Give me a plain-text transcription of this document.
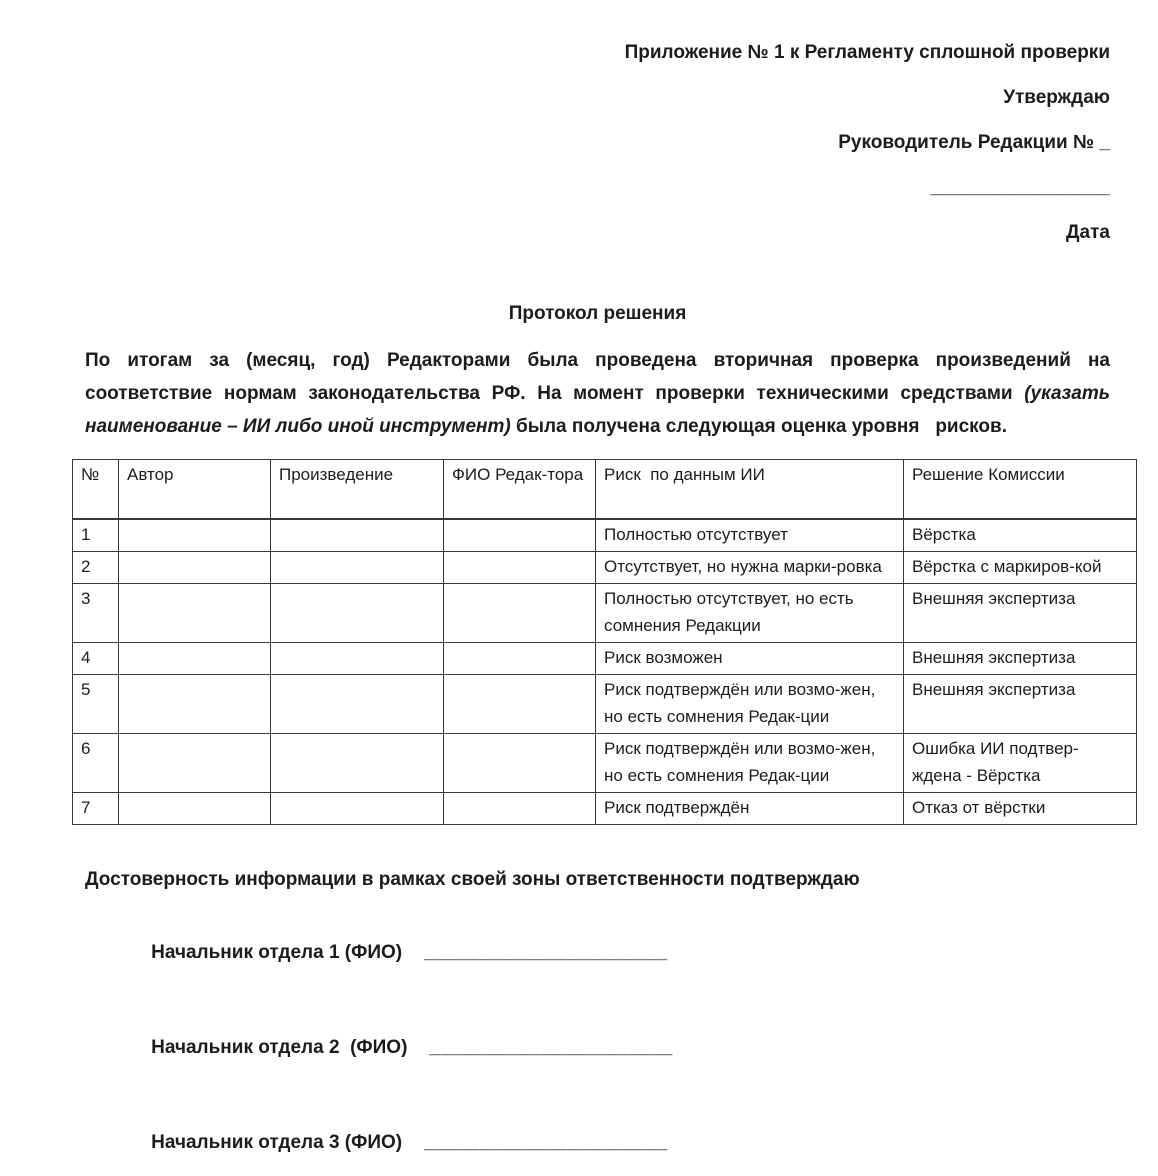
Приложение № 1 к Регламенту сплошной проверки
Утверждаю
Руководитель Редакции № _
_________________
Дата
Протокол решения
По итогам за (месяц, год) Редакторами была проведена вторичная проверка произведений на соответствие нормам законодательства РФ. На момент проверки техническими средствами (указать наименование – ИИ либо иной инструмент) была получена следующая оценка уровня   рисков.
№	Автор	Произведение	ФИО Редак-тора	Риск  по данным ИИ	Решение Комиссии
1				Полностью отсутствует	Вёрстка
2				Отсутствует, но нужна марки-ровка	Вёрстка с маркиров-кой
3				Полностью отсутствует, но есть сомнения Редакции	Внешняя экспертиза
4				Риск возможен	Внешняя экспертиза
5				Риск подтверждён или возмо-жен,  но есть сомнения Редак-ции	Внешняя экспертиза
6				Риск подтверждён или возмо-жен, но есть сомнения Редак-ции	Ошибка ИИ подтвер-ждена - Вёрстка
7				Риск подтверждён	Отказ от вёрстки
Достоверность информации в рамках своей зоны ответственности подтверждаю

Начальник отдела 1 (ФИО) ______________________

Начальник отдела 2  (ФИО) ______________________

Начальник отдела 3 (ФИО) ______________________
